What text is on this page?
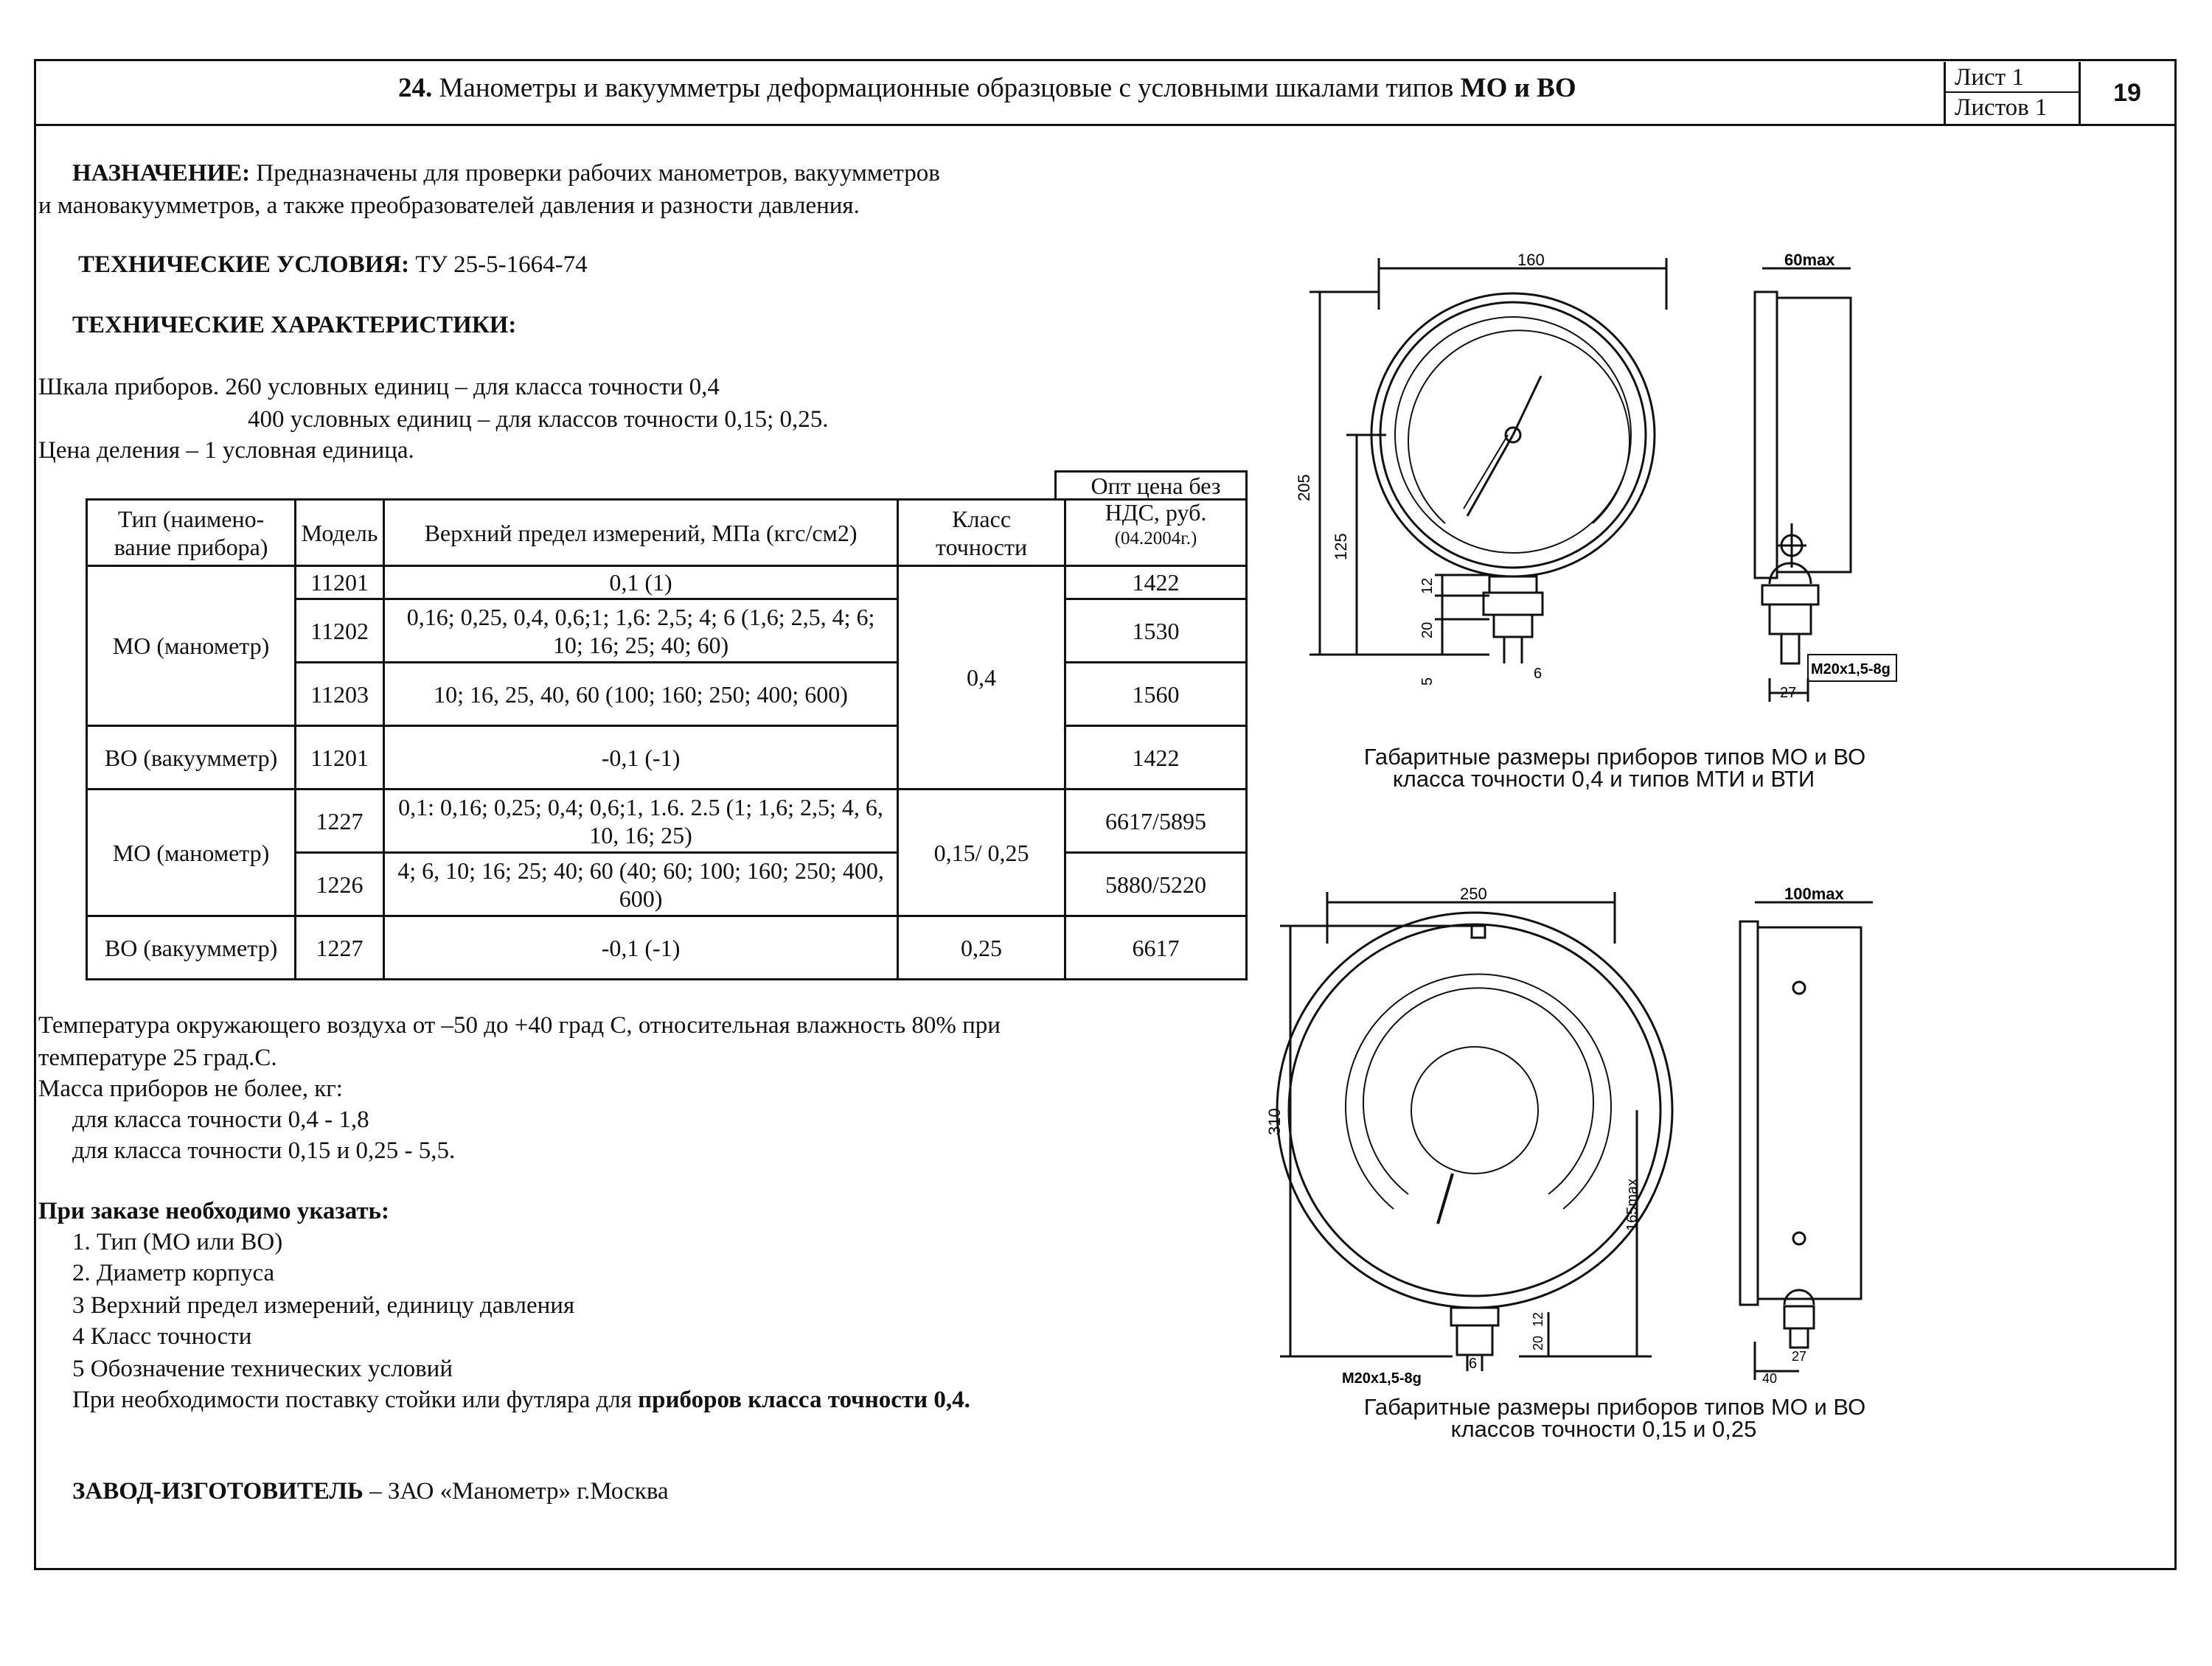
24. Манометры и вакуумметры деформационные образцовые с условными шкалами типов МО и ВО	Лист 1
Листов 1
19
НАЗНАЧЕНИЕ: Предназначены для проверки рабочих манометров, вакуумметров
и мановакуумметров, а также преобразователей давления и разности давления.
ТЕХНИЧЕСКИЕ УСЛОВИЯ: ТУ 25-5-1664-74
ТЕХНИЧЕСКИЕ ХАРАКТЕРИСТИКИ:
Шкала приборов. 260 условных единиц – для класса точности 0,4
400 условных единиц – для классов точности 0,15; 0,25.
Цена деления – 1 условная единица.
Тип (наимено-вание прибора)	Модель	Верхний предел измерений, МПа (кгс/см2)	Класс точности	Опт цена без НДС, руб.
(04.2004г.)

МО (манометр)	11201	0,1 (1)	0,4	1422
	11202	0,16; 0,25, 0,4, 0,6;1; 1,6: 2,5; 4; 6 (1,6; 2,5, 4; 6; 10; 16; 25; 40; 60)		1530
	11203	10; 16, 25, 40, 60 (100; 160; 250; 400; 600)		1560
ВО (вакуумметр)	11201	-0,1 (-1)		1422
МО (манометр)	1227	0,1: 0,16; 0,25; 0,4; 0,6;1, 1.6. 2.5 (1; 1,6; 2,5; 4, 6, 10, 16; 25)	0,15/ 0,25	6617/5895
	1226	4; 6, 10; 16; 25; 40; 60 (40; 60; 100; 160; 250; 400, 600)		5880/5220
ВО (вакуумметр)	1227	-0,1 (-1)	0,25	6617
Температура окружающего воздуха от –50 до +40 град С, относительная влажность 80% при
температуре 25 град.С.
Масса приборов не более, кг:
для класса точности 0,4 - 1,8
для класса точности 0,15 и 0,25 - 5,5.
При заказе необходимо указать:
1. Тип (МО или ВО)
2. Диаметр корпуса
3 Верхний предел измерений, единицу давления
4 Класс точности
5 Обозначение технических условий
При необходимости поставку стойки или футляра для приборов класса точности 0,4.
ЗАВОД-ИЗГОТОВИТЕЛЬ – ЗАО «Манометр» г.Москва
160	60max
205
125
12
20
5	6	M20x1,5-8g
27
Габаритные размеры приборов типов МО и ВО
класса точности 0,4 и типов МТИ и ВТИ
250	100max
310
165max
12
20
6
M20x1,5-8g
27
40
Габаритные размеры приборов типов МО и ВО
классов точности 0,15 и 0,25
